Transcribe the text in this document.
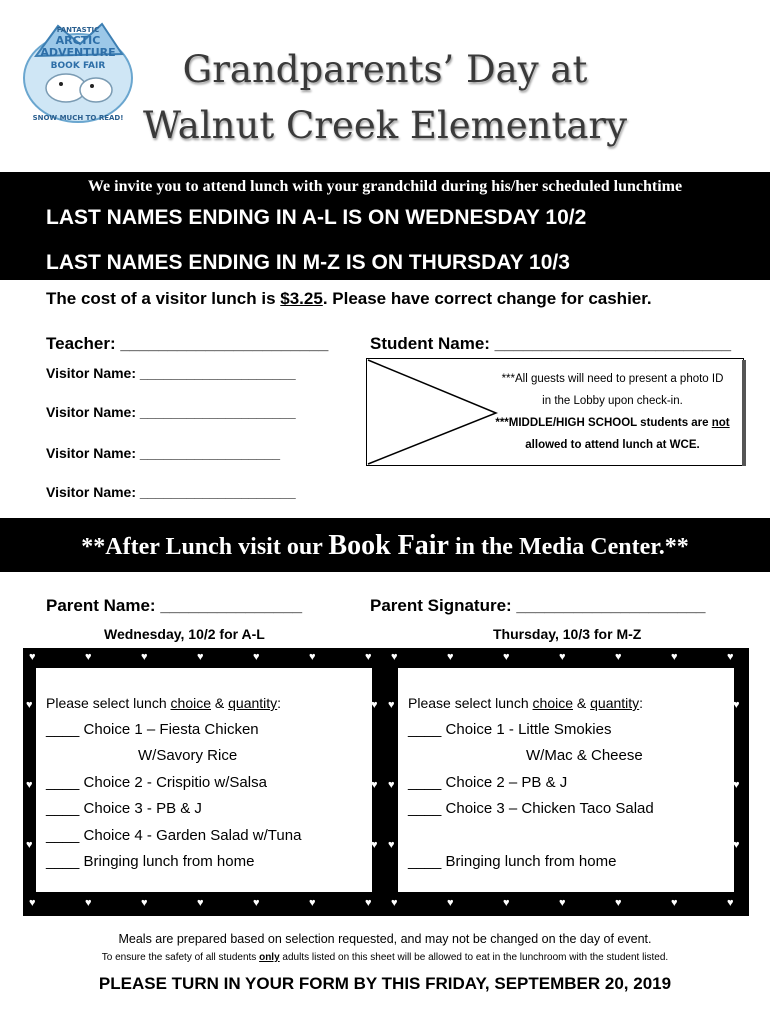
FANTASTIC
ARCTIC
ADVENTURE
BOOK FAIR
SNOW MUCH TO READ!
Grandparents’ Day at
Walnut Creek Elementary
We invite you to attend lunch with your grandchild during his/her scheduled lunchtime
LAST NAMES ENDING IN A-L IS ON WEDNESDAY 10/2
LAST NAMES ENDING IN M-Z IS ON THURSDAY 10/3
The cost of a visitor lunch is $3.25. Please have correct change for cashier.
Teacher: ______________________ Student Name: _________________________
Visitor Name: ____________________
Visitor Name: ____________________
Visitor Name: __________________
Visitor Name: ____________________
***All guests will need to present a photo ID
in the Lobby upon check-in.
***MIDDLE/HIGH SCHOOL students are not
allowed to attend lunch at WCE.
**After Lunch visit our Book Fair in the Media Center.**
Parent Name: _______________	Parent Signature: ____________________
Wednesday, 10/2 for A-L	Thursday, 10/3 for M-Z
Please select lunch choice & quantity:
____ Choice 1 – Fiesta Chicken
W/Savory Rice
____ Choice 2 - Crispitio w/Salsa
____ Choice 3 - PB & J
____ Choice 4 - Garden Salad w/Tuna
____ Bringing lunch from home
Please select lunch choice & quantity:
____ Choice 1 - Little Smokies
W/Mac & Cheese
____ Choice 2 – PB & J
____ Choice 3 – Chicken Taco Salad

____ Bringing lunch from home
♥
♥
♥
♥
♥
♥
♥
♥
♥
♥
♥
♥
♥
♥
♥	♥
♥	♥
♥	♥
♥
♥
♥
♥
♥
♥
♥
♥
♥
♥
♥
♥
♥
♥
♥	♥
♥	♥
♥	♥
Meals are prepared based on selection requested, and may not be changed on the day of event.
To ensure the safety of all students only adults listed on this sheet will be allowed to eat in the lunchroom with the student listed.
PLEASE TURN IN YOUR FORM BY THIS FRIDAY, SEPTEMBER 20, 2019
